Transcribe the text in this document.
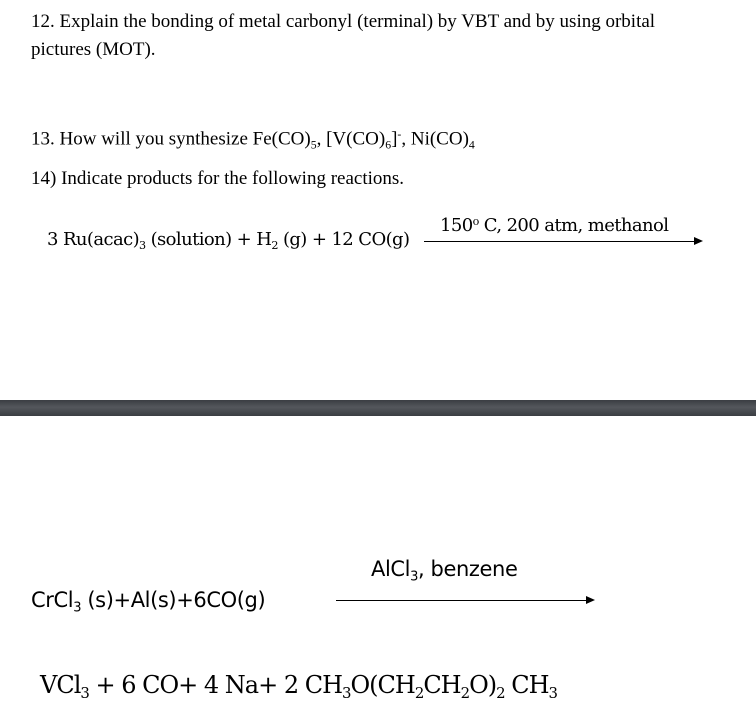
12. Explain the bonding of metal carbonyl (terminal) by VBT and by using orbital
pictures (MOT).
13. How will you synthesize $Fe(CO)_5$, $[V(CO)_6]^-$, $Ni(CO)_4$
14) Indicate products for the following reactions.
3 $Ru(acac)_3$ (solution) + $H_2$ (g) + 12 CO(g)
150$^o$ C, 200 atm, methanol
CrCl$_3$ (s)+Al(s)+6CO(g)
AlCl$_3$, benzene
VCl$_3$ + 6 CO+ 4 Na+ 2 $CH_3O(CH_2CH_2O)_2$ $CH_3$
